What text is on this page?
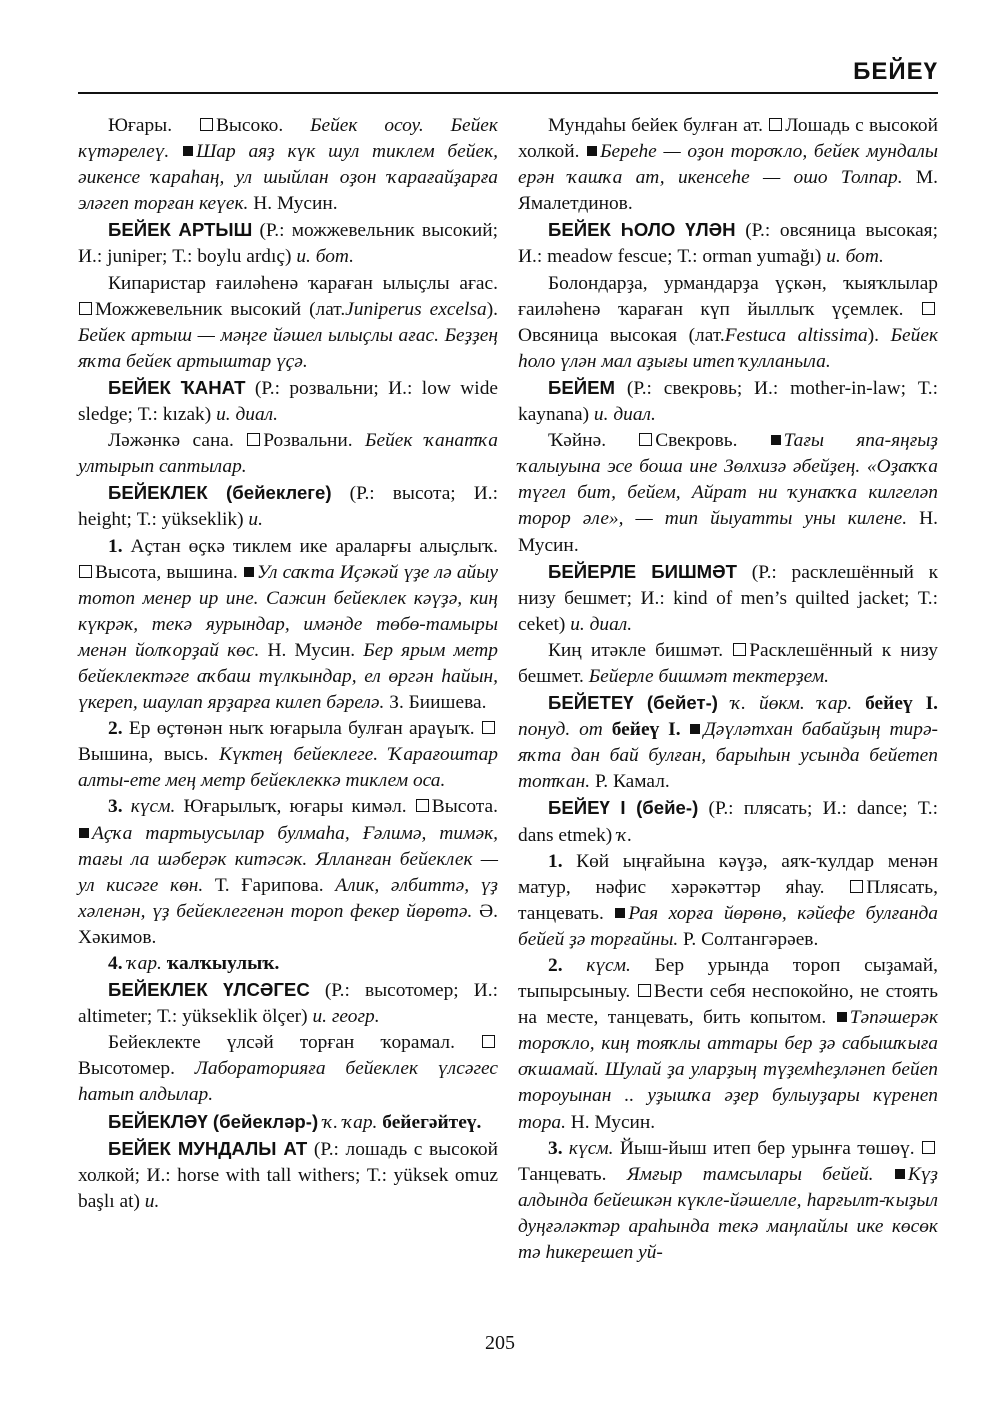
БЕЙЕҮ

Юғары. Высоко. Бейек осоу. Бейек күтәрелеү. Шар аяҙ күк шул тиклем бейек, әикенсе ҡараһаң, ул шыйлан оҙон ҡарағайҙарға эләгеп торған кеүек. Н. Мусин.

БЕЙЕК АРТЫШ (Р.: можжевельник высокий; И.: juniper; Т.: boylu ardıç) и. бот.

Кипаристар ғаиләһенә ҡараған ылыҫлы ағас. Можжевельник высокий (лат.Juniperus excelsa). Бейек артыш — мәңге йәшел ылыҫлы ағас. Беҙҙең яҡта бейек артыштар үҫә.

БЕЙЕК ҠАНАТ (Р.: розвальни; И.: low wide sledge; Т.: kızak) и. диал.

Ләжәнкә сана. Розвальни. Бейек ҡанатҡа ултырып саптылар.

БЕЙЕКЛЕК (бейеклеге) (Р.: высота; И.: height; Т.: yükseklik) и.

1. Аҫтан өҫкә тиклем ике араларғы алыҫлыҡ. Высота, вышина. Ул саҡта Иҫәкәй үҙе лә айыу тотоп менер ир ине. Сажин бейеклек кәүҙә, киң күкрәк, текә яурындар, имәнде төбө-тамыры менән йолҡорҙай көс. Н. Мусин. Бер ярым метр бейеклектәге аҡбаш түлкындар, ел өргән һайын, үкереп, шаулап ярҙарға килеп бәрелә. З. Биишева.

2. Ер өҫтөнән ныҡ юғарыла булған араүыҡ. Вышина, высь. Күктең бейеклеге. Ҡарағоштар алты-ете мең метр бейеклеккә тиклем оса.

3. күсм. Юғарылыҡ, юғары кимәл. Высота. Аҫҡа тартыусылар булмаһа, Ғәлимә, тимәк, тағы ла шәберәк китәсәк. Ялланған бейеклек — ул кисәге көн. Т. Ғарипова. Алик, әлбиттә, үҙ хәленән, үҙ бейеклегенән тороп фекер йөрөтә. Ә. Хәкимов.

4. ҡар. ҡалҡыулыҡ.

БЕЙЕКЛЕК ҮЛСӘГЕС (Р.: высотомер; И.: altimeter; Т.: yükseklik ölçer) и. геогр.

Бейеклекте үлсәй торған ҡорамал. Высотомер. Лабораторияға бейеклек үлсәгес һатып алдылар.

БЕЙЕКЛӘҮ (бейекләр-) ҡ. ҡар. бейегәйтеү.

БЕЙЕК МУНДАЛЫ АТ (Р.: лошадь с высокой холкой; И.: horse with tall withers; Т.: yüksek omuz başlı at) и.

Мундаһы бейек булған ат. Лошадь с высокой холкой. Береһе — оҙон тороҡло, бейек мундалы ерән ҡашҡа ат, икенсеһе — ошо Толпар. М. Ямалетдинов.

БЕЙЕК ҺОЛО ҮЛӘН (Р.: овсяница высокая; И.: meadow fescue; Т.: orman yumağı) и. бот.

Болондарҙа, урмандарҙа үҫкән, ҡыяҡлылар ғаиләһенә ҡараған күп йыллыҡ үҫемлек. Овсяница высокая (лат.Festuca altissima). Бейек һоло үлән мал аҙығы итеп ҡулланыла.

БЕЙЕМ (Р.: свекровь; И.: mother-in-law; Т.: kaynana) и. диал.

Ҡәйнә.	Свекровь. Тағы япа-яңғыҙ ҡалыуына эсе боша ине Зөлхизә әбейҙең. «Оҙаҡҡа түгел бит, бейем, Айрат ни ҡунаҡҡа килгеләп торор әле», — тип йыуатты уны килене. Н. Мусин.

БЕЙЕРЛЕ БИШМӘТ (Р.: расклешённый к низу бешмет; И.: kind of men’s quilted jacket; Т.: ceket) и. диал.

Киң итәкле бишмәт. Расклешённый к низу бешмет. Бейерле бишмәт тектерҙем.

БЕЙЕТЕҮ (бейет-) ҡ. йөкм. ҡар. бейеү I. понуд. от бейеү I. Дәүләтхан бабайҙың тирә-яҡта дан бай булған, барыһын усында бейетеп тотҡан. Р. Камал.

БЕЙЕҮ I (бейе-) (Р.: плясать; И.: dance; Т.: dans etmek) ҡ.

1. Көй ыңғайына кәүҙә, аяҡ-ҡулдар менән матур, нәфис хәрәкәттәр яһау. Плясать, танцевать. Рая хорға йөрөнө, кәйефе булғанда бейей ҙә торғайны. Р. Солтангәрәев.

2. күсм. Бер урында тороп сыҙамай, тыпырсыныу. Вести себя неспокойно, не стоять на месте, танцевать, бить копытом. Тәпәшерәк тороҡло, киң тояҡлы аттары бер ҙә сабышҡыға оҡшамай. Шулай ҙа уларҙың түҙемһеҙләнеп бейеп тороуынан .. уҙышҡа әҙер булыуҙары күренеп тора. Н. Мусин.

3. күсм. Йыш-йыш итеп бер урынға төшөү. Танцевать. Ямғыр тамсылары бейей. Күҙ алдында бейешкән күкле-йәшелле, һарғылт-ҡыҙыл дуңғәләктәр араһында текә маңлайлы ике көсөк тә һикерешеп уй-

205
